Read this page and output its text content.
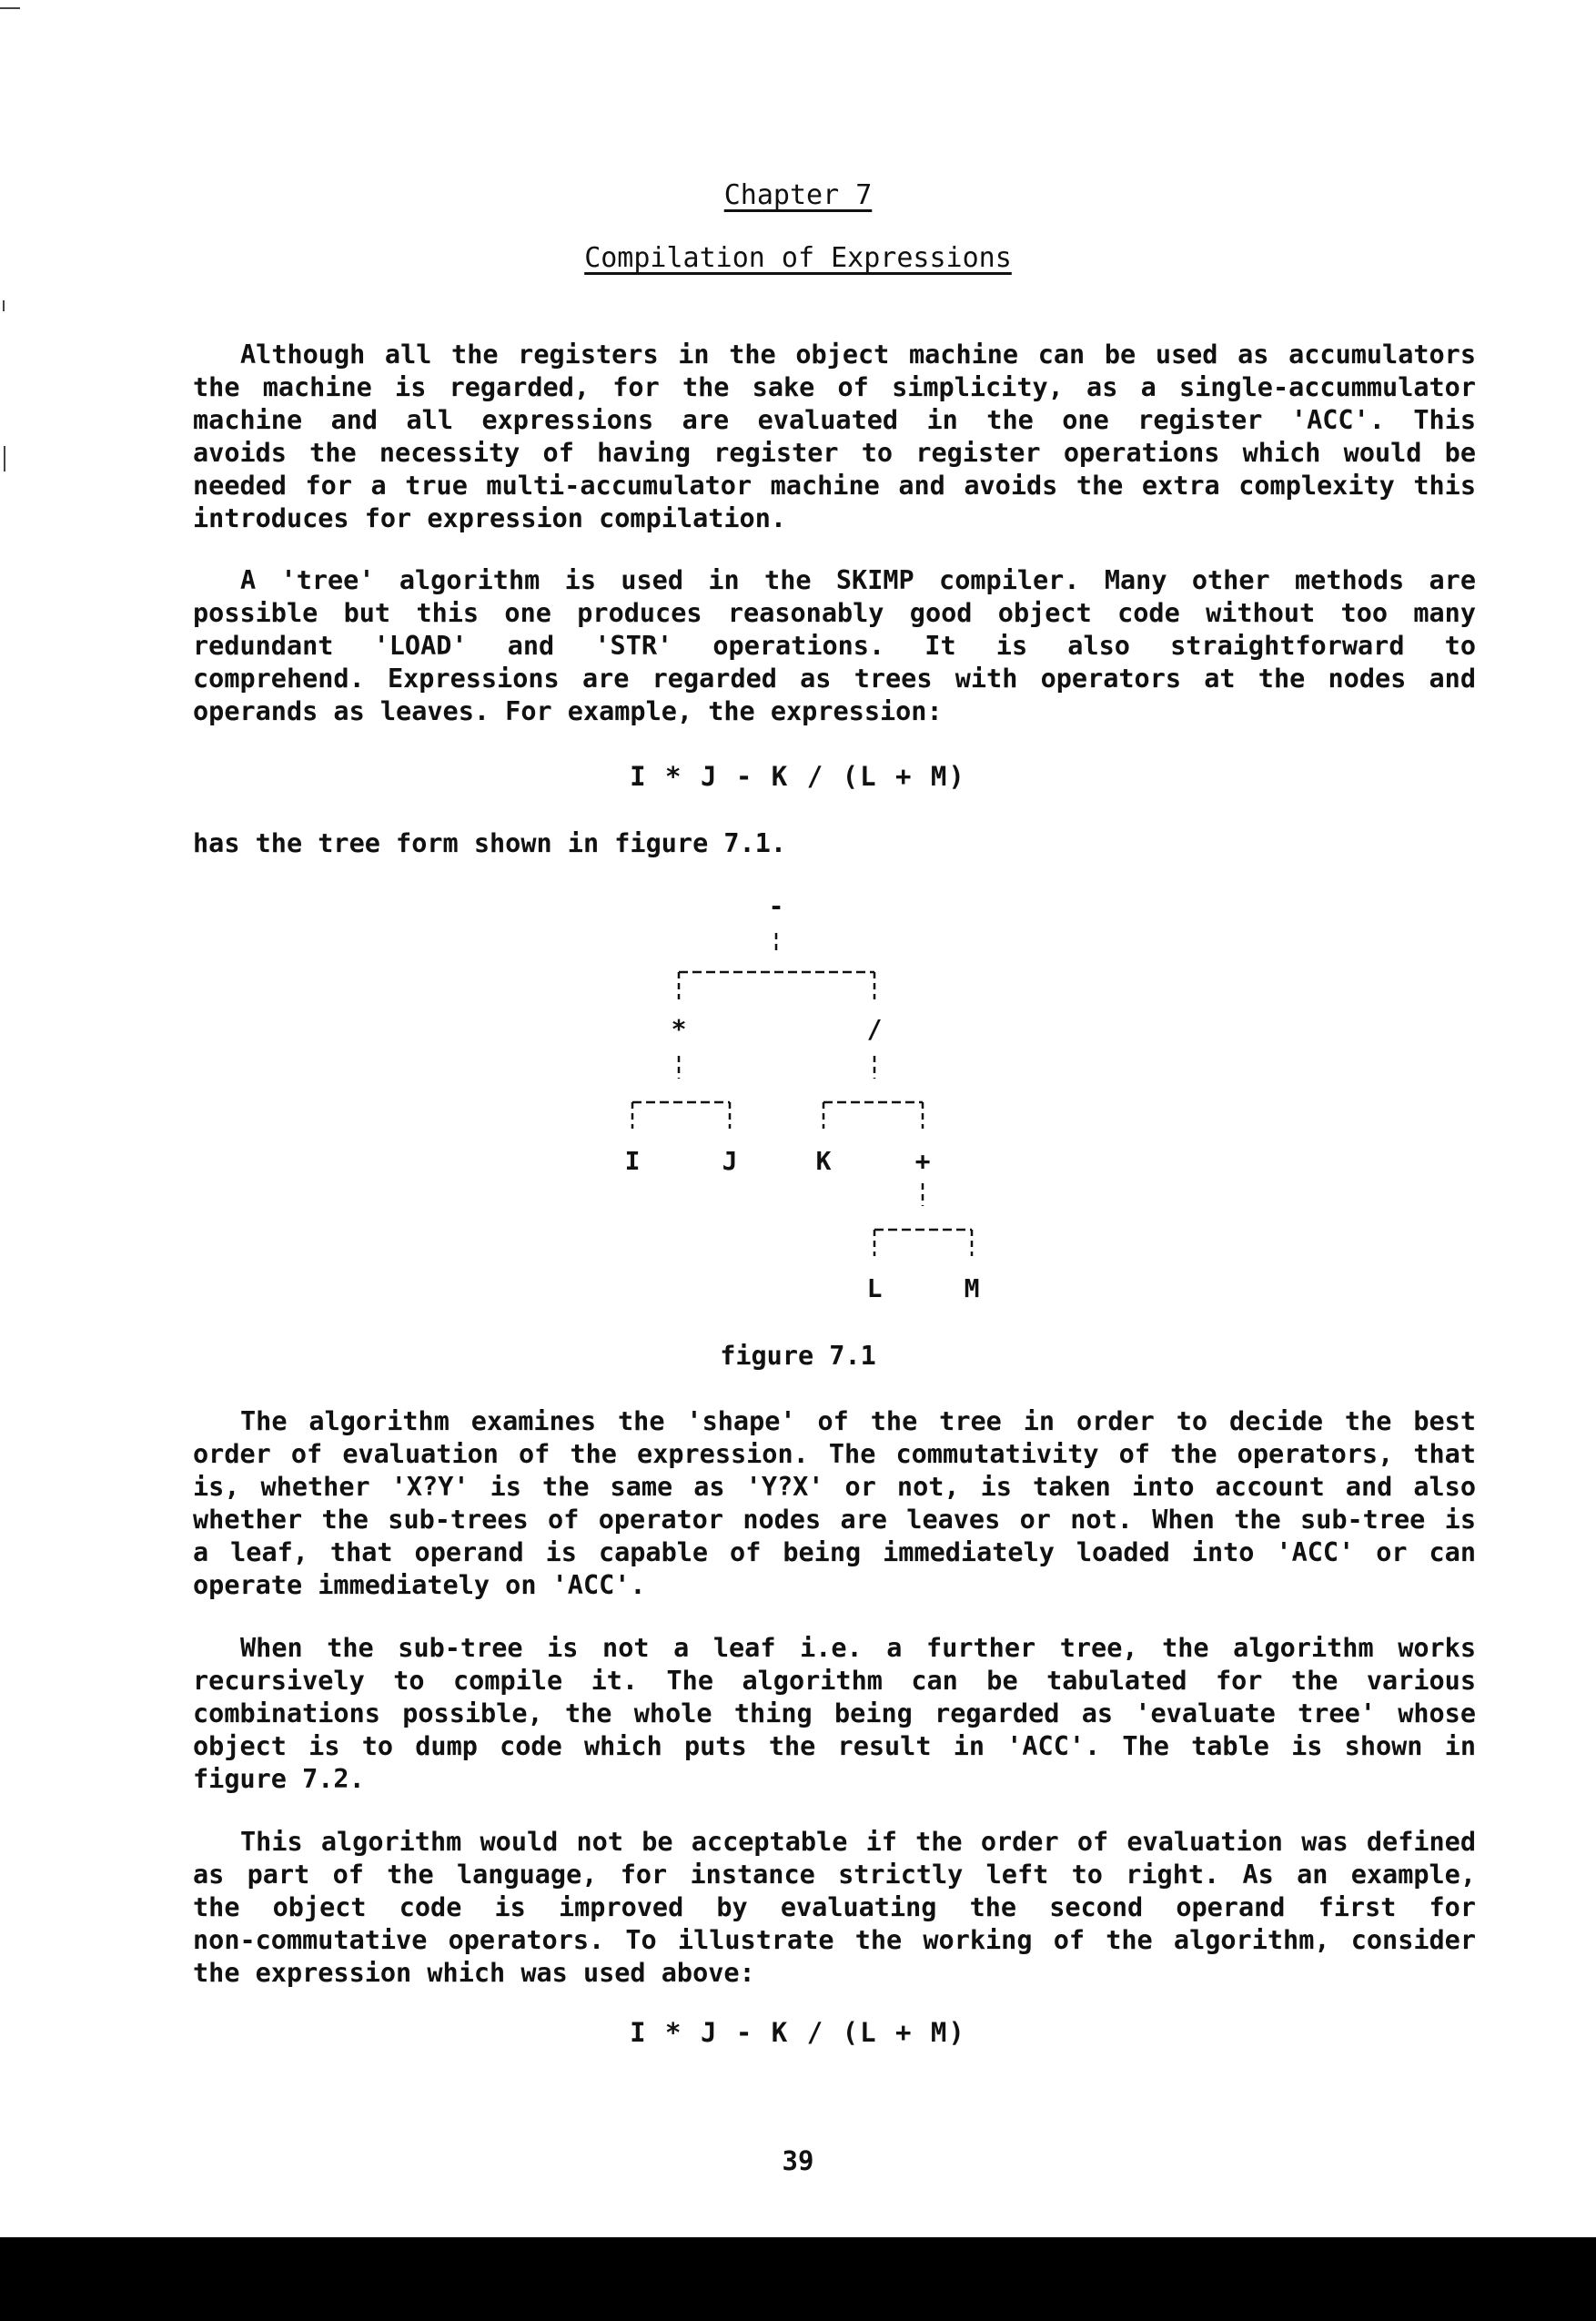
Chapter 7
Compilation of Expressions
Although all the registers in the object machine can be used as accumulators
the machine is regarded, for the sake of simplicity, as a single-accummulator
machine and all expressions are evaluated in the one register 'ACC'. This
avoids the necessity of having register to register operations which would be
needed for a true multi-accumulator machine and avoids the extra complexity this
introduces for expression compilation.
A 'tree' algorithm is used in the SKIMP compiler. Many other methods are
possible but this one produces reasonably good object code without too many
redundant 'LOAD' and 'STR' operations. It is also straightforward to
comprehend. Expressions are regarded as trees with operators at the nodes and
operands as leaves. For example, the expression:
I * J - K / (L + M)
has the tree form shown in figure 7.1.
-
*	/
I	J	K	+
L	M
figure 7.1
The algorithm examines the 'shape' of the tree in order to decide the best
order of evaluation of the expression. The commutativity of the operators, that
is, whether 'X?Y' is the same as 'Y?X' or not, is taken into account and also
whether the sub-trees of operator nodes are leaves or not. When the sub-tree is
a leaf, that operand is capable of being immediately loaded into 'ACC' or can
operate immediately on 'ACC'.
When the sub-tree is not a leaf i.e. a further tree, the algorithm works
recursively to compile it. The algorithm can be tabulated for the various
combinations possible, the whole thing being regarded as 'evaluate tree' whose
object is to dump code which puts the result in 'ACC'. The table is shown in
figure 7.2.
This algorithm would not be acceptable if the order of evaluation was defined
as part of the language, for instance strictly left to right. As an example,
the object code is improved by evaluating the second operand first for
non-commutative operators. To illustrate the working of the algorithm, consider
the expression which was used above:
I * J - K / (L + M)
39
